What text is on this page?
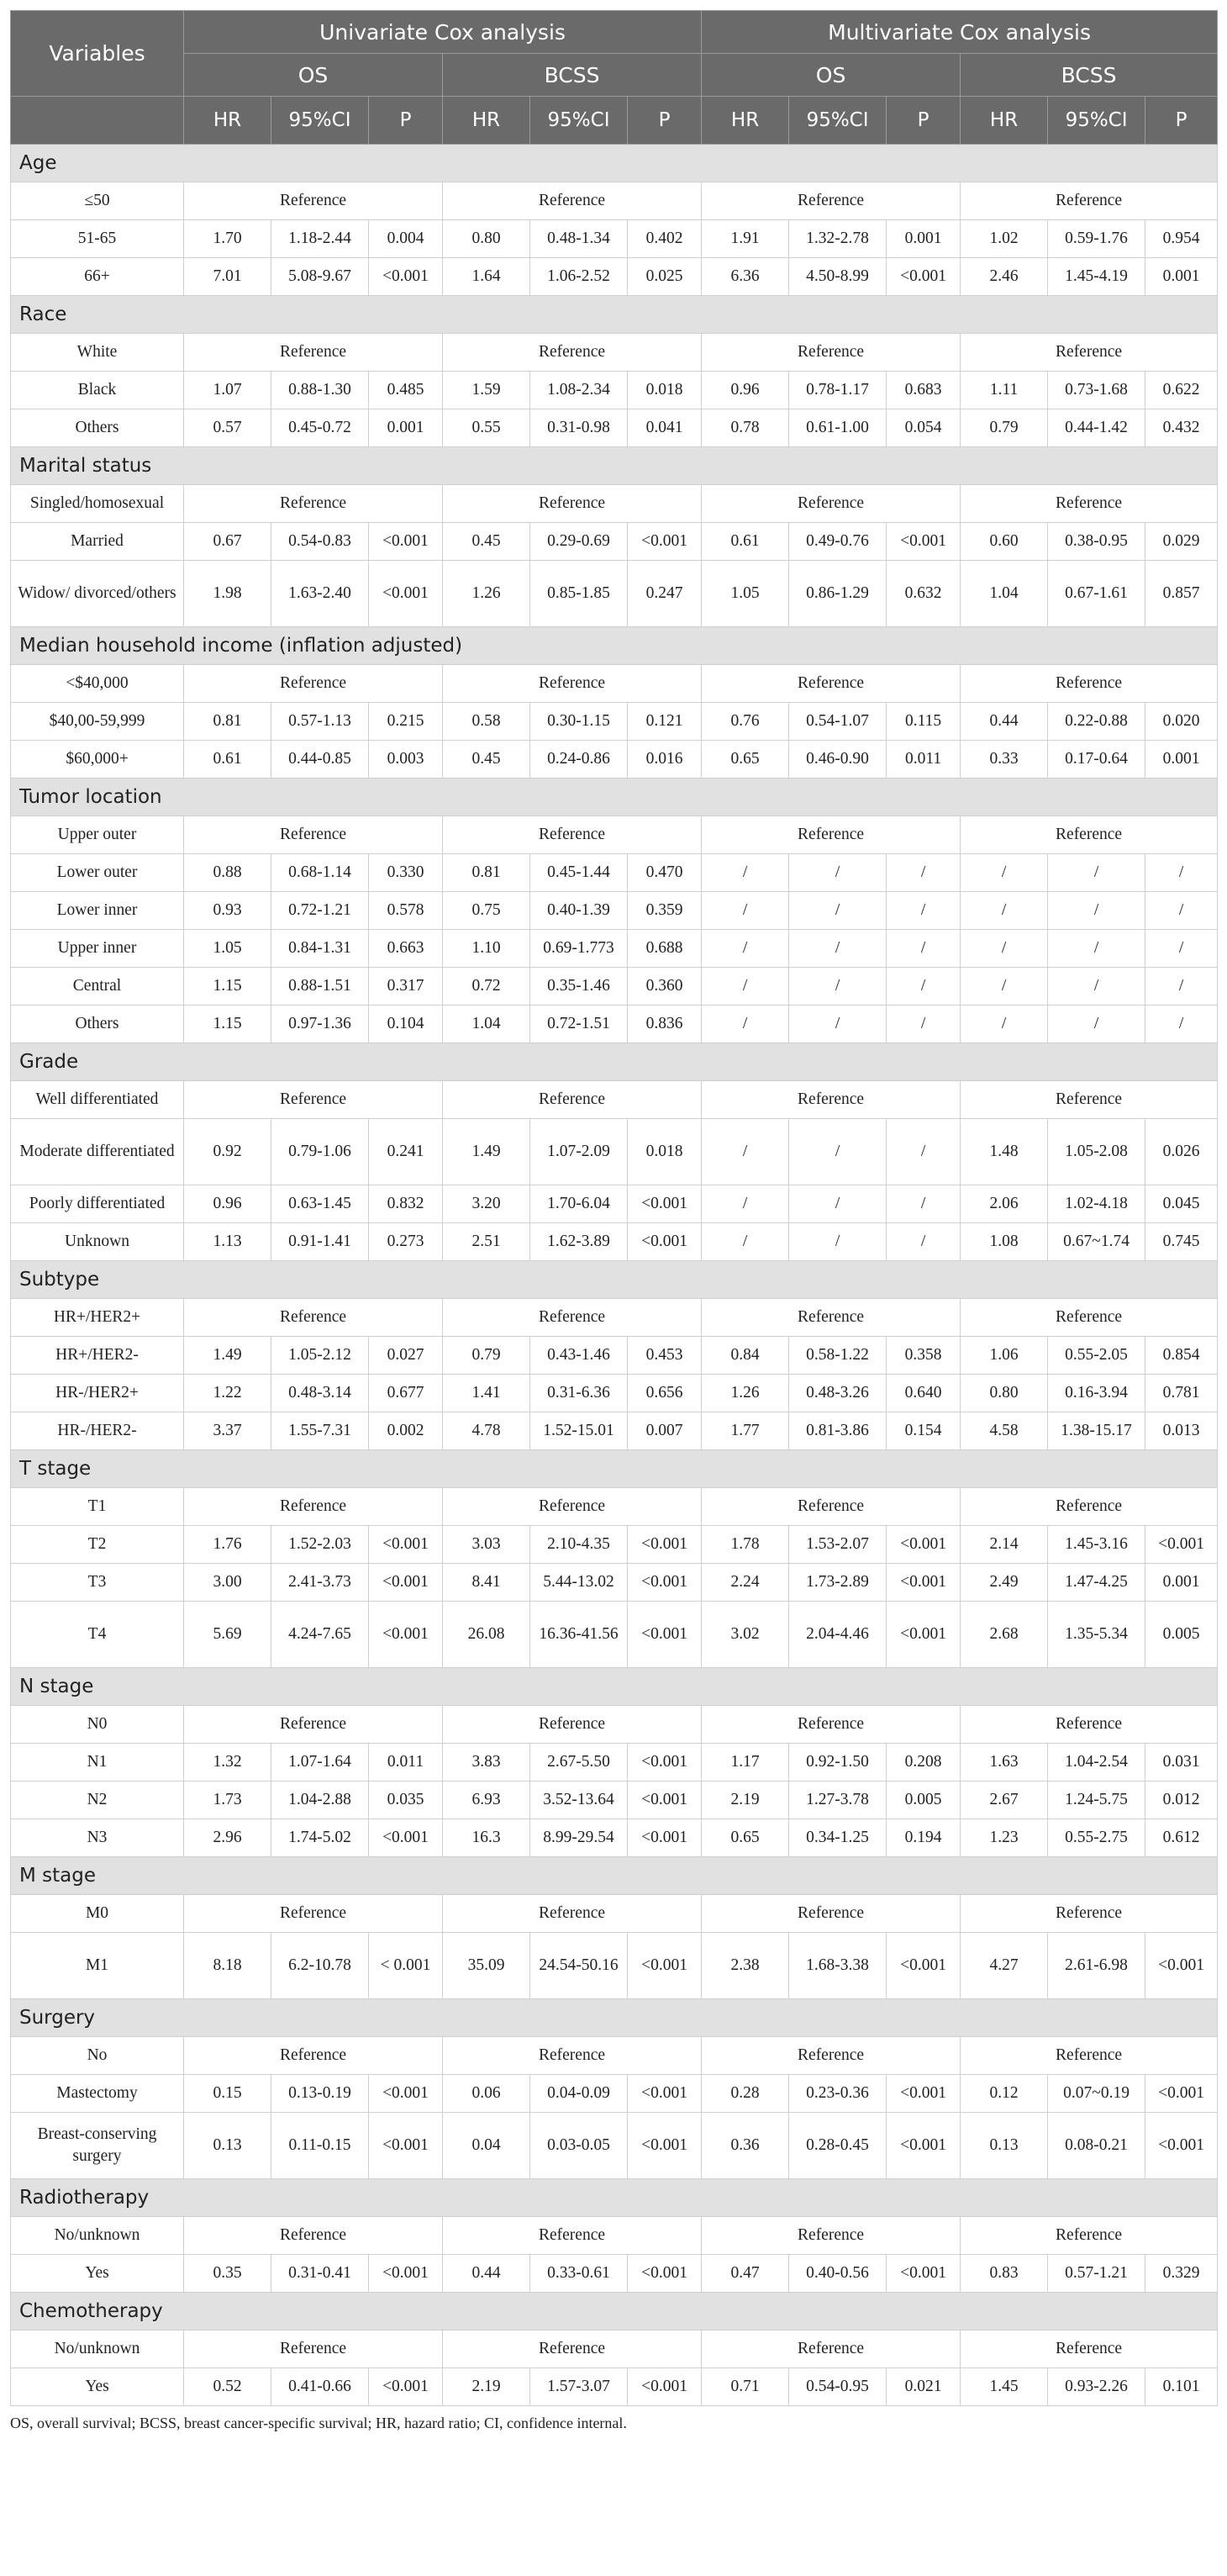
Variables	Univariate Cox analysis						Multivariate Cox analysis					
	OS			BCSS			OS			BCSS		
	HR	95%CI	P	HR	95%CI	P	HR	95%CI	P	HR	95%CI	P
Age												
≤50	Reference			Reference			Reference			Reference		
51-65	1.70	1.18-2.44	0.004	0.80	0.48-1.34	0.402	1.91	1.32-2.78	0.001	1.02	0.59-1.76	0.954
66+	7.01	5.08-9.67	<0.001	1.64	1.06-2.52	0.025	6.36	4.50-8.99	<0.001	2.46	1.45-4.19	0.001
Race												
White	Reference			Reference			Reference			Reference		
Black	1.07	0.88-1.30	0.485	1.59	1.08-2.34	0.018	0.96	0.78-1.17	0.683	1.11	0.73-1.68	0.622
Others	0.57	0.45-0.72	0.001	0.55	0.31-0.98	0.041	0.78	0.61-1.00	0.054	0.79	0.44-1.42	0.432
Marital status												
Singled/homosexual	Reference			Reference			Reference			Reference		
Married	0.67	0.54-0.83	<0.001	0.45	0.29-0.69	<0.001	0.61	0.49-0.76	<0.001	0.60	0.38-0.95	0.029
Widow/ divorced/others	1.98	1.63-2.40	<0.001	1.26	0.85-1.85	0.247	1.05	0.86-1.29	0.632	1.04	0.67-1.61	0.857
Median household income (inflation adjusted)												
<$40,000	Reference			Reference			Reference			Reference		
$40,00-59,999	0.81	0.57-1.13	0.215	0.58	0.30-1.15	0.121	0.76	0.54-1.07	0.115	0.44	0.22-0.88	0.020
$60,000+	0.61	0.44-0.85	0.003	0.45	0.24-0.86	0.016	0.65	0.46-0.90	0.011	0.33	0.17-0.64	0.001
Tumor location												
Upper outer	Reference			Reference			Reference			Reference		
Lower outer	0.88	0.68-1.14	0.330	0.81	0.45-1.44	0.470	/	/	/	/	/	/
Lower inner	0.93	0.72-1.21	0.578	0.75	0.40-1.39	0.359	/	/	/	/	/	/
Upper inner	1.05	0.84-1.31	0.663	1.10	0.69-1.773	0.688	/	/	/	/	/	/
Central	1.15	0.88-1.51	0.317	0.72	0.35-1.46	0.360	/	/	/	/	/	/
Others	1.15	0.97-1.36	0.104	1.04	0.72-1.51	0.836	/	/	/	/	/	/
Grade												
Well differentiated	Reference			Reference			Reference			Reference		
Moderate differentiated	0.92	0.79-1.06	0.241	1.49	1.07-2.09	0.018	/	/	/	1.48	1.05-2.08	0.026
Poorly differentiated	0.96	0.63-1.45	0.832	3.20	1.70-6.04	<0.001	/	/	/	2.06	1.02-4.18	0.045
Unknown	1.13	0.91-1.41	0.273	2.51	1.62-3.89	<0.001	/	/	/	1.08	0.67~1.74	0.745
Subtype												
HR+/HER2+	Reference			Reference			Reference			Reference		
HR+/HER2-	1.49	1.05-2.12	0.027	0.79	0.43-1.46	0.453	0.84	0.58-1.22	0.358	1.06	0.55-2.05	0.854
HR-/HER2+	1.22	0.48-3.14	0.677	1.41	0.31-6.36	0.656	1.26	0.48-3.26	0.640	0.80	0.16-3.94	0.781
HR-/HER2-	3.37	1.55-7.31	0.002	4.78	1.52-15.01	0.007	1.77	0.81-3.86	0.154	4.58	1.38-15.17	0.013
T stage												
T1	Reference			Reference			Reference			Reference		
T2	1.76	1.52-2.03	<0.001	3.03	2.10-4.35	<0.001	1.78	1.53-2.07	<0.001	2.14	1.45-3.16	<0.001
T3	3.00	2.41-3.73	<0.001	8.41	5.44-13.02	<0.001	2.24	1.73-2.89	<0.001	2.49	1.47-4.25	0.001
T4	5.69	4.24-7.65	<0.001	26.08	16.36-41.56	<0.001	3.02	2.04-4.46	<0.001	2.68	1.35-5.34	0.005
N stage												
N0	Reference			Reference			Reference			Reference		
N1	1.32	1.07-1.64	0.011	3.83	2.67-5.50	<0.001	1.17	0.92-1.50	0.208	1.63	1.04-2.54	0.031
N2	1.73	1.04-2.88	0.035	6.93	3.52-13.64	<0.001	2.19	1.27-3.78	0.005	2.67	1.24-5.75	0.012
N3	2.96	1.74-5.02	<0.001	16.3	8.99-29.54	<0.001	0.65	0.34-1.25	0.194	1.23	0.55-2.75	0.612
M stage												
M0	Reference			Reference			Reference			Reference		
M1	8.18	6.2-10.78	< 0.001	35.09	24.54-50.16	<0.001	2.38	1.68-3.38	<0.001	4.27	2.61-6.98	<0.001
Surgery												
No	Reference			Reference			Reference			Reference		
Mastectomy	0.15	0.13-0.19	<0.001	0.06	0.04-0.09	<0.001	0.28	0.23-0.36	<0.001	0.12	0.07~0.19	<0.001
Breast-conserving surgery	0.13	0.11-0.15	<0.001	0.04	0.03-0.05	<0.001	0.36	0.28-0.45	<0.001	0.13	0.08-0.21	<0.001
Radiotherapy												
No/unknown	Reference			Reference			Reference			Reference		
Yes	0.35	0.31-0.41	<0.001	0.44	0.33-0.61	<0.001	0.47	0.40-0.56	<0.001	0.83	0.57-1.21	0.329
Chemotherapy												
No/unknown	Reference			Reference			Reference			Reference		
Yes	0.52	0.41-0.66	<0.001	2.19	1.57-3.07	<0.001	0.71	0.54-0.95	0.021	1.45	0.93-2.26	0.101
OS, overall survival; BCSS, breast cancer-specific survival; HR, hazard ratio; CI, confidence internal.
